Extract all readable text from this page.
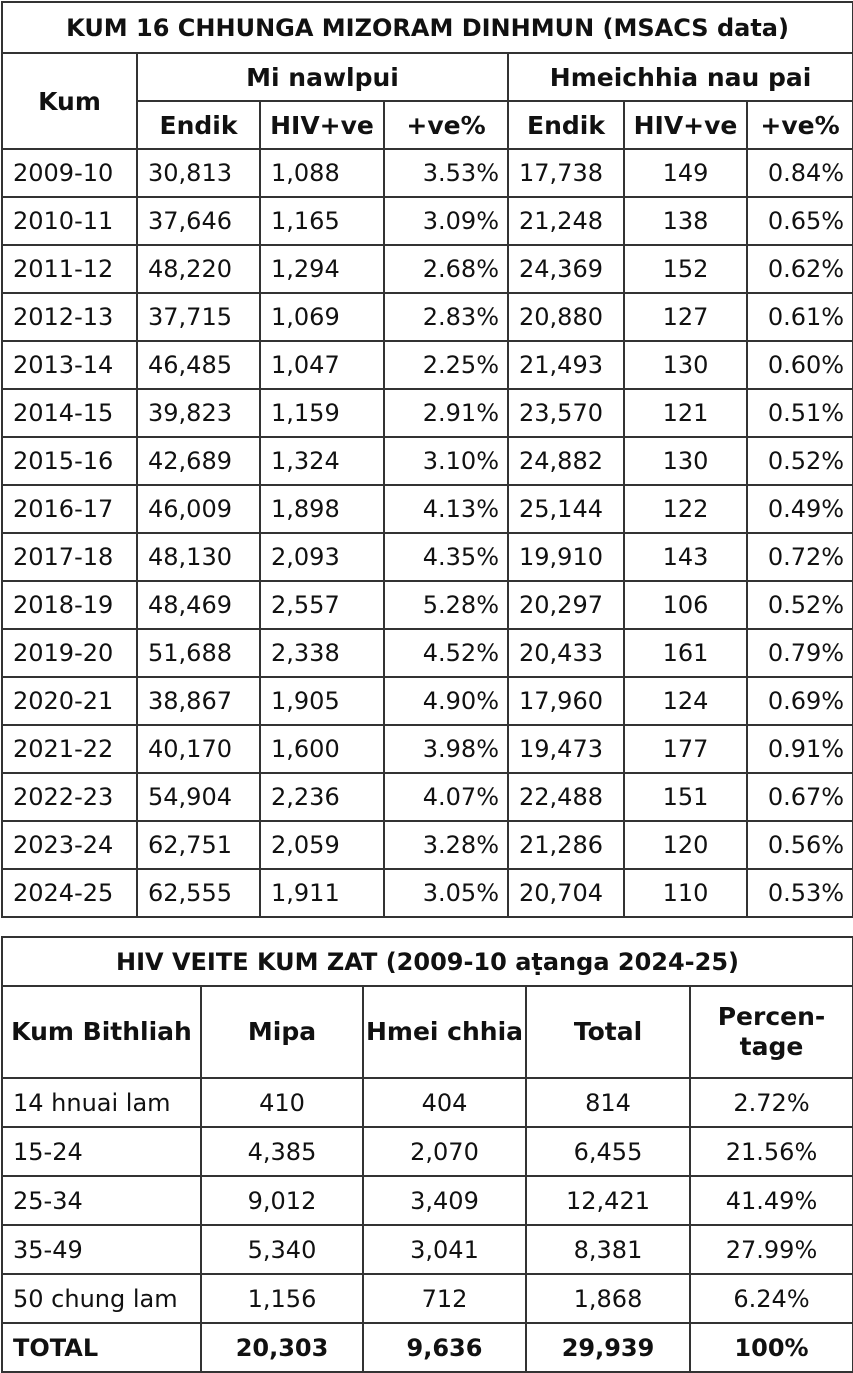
KUM 16 CHHUNGA MIZORAM DINHMUN (MSACS data)						
Kum	Mi nawlpui			Hmeichhia nau pai		
	Endik	HIV+ve	+ve%	Endik	HIV+ve	+ve%
2009-10	30,813	1,088	3.53%	17,738	149	0.84%
2010-11	37,646	1,165	3.09%	21,248	138	0.65%
2011-12	48,220	1,294	2.68%	24,369	152	0.62%
2012-13	37,715	1,069	2.83%	20,880	127	0.61%
2013-14	46,485	1,047	2.25%	21,493	130	0.60%
2014-15	39,823	1,159	2.91%	23,570	121	0.51%
2015-16	42,689	1,324	3.10%	24,882	130	0.52%
2016-17	46,009	1,898	4.13%	25,144	122	0.49%
2017-18	48,130	2,093	4.35%	19,910	143	0.72%
2018-19	48,469	2,557	5.28%	20,297	106	0.52%
2019-20	51,688	2,338	4.52%	20,433	161	0.79%
2020-21	38,867	1,905	4.90%	17,960	124	0.69%
2021-22	40,170	1,600	3.98%	19,473	177	0.91%
2022-23	54,904	2,236	4.07%	22,488	151	0.67%
2023-24	62,751	2,059	3.28%	21,286	120	0.56%
2024-25	62,555	1,911	3.05%	20,704	110	0.53%
HIV VEITE KUM ZAT (2009-10 aṭanga 2024-25)				
Kum Bithliah	Mipa	Hmei chhia	Total	Percen- tage
14 hnuai lam	410	404	814	2.72%
15-24	4,385	2,070	6,455	21.56%
25-34	9,012	3,409	12,421	41.49%
35-49	5,340	3,041	8,381	27.99%
50 chung lam	1,156	712	1,868	6.24%
TOTAL	20,303	9,636	29,939	100%
